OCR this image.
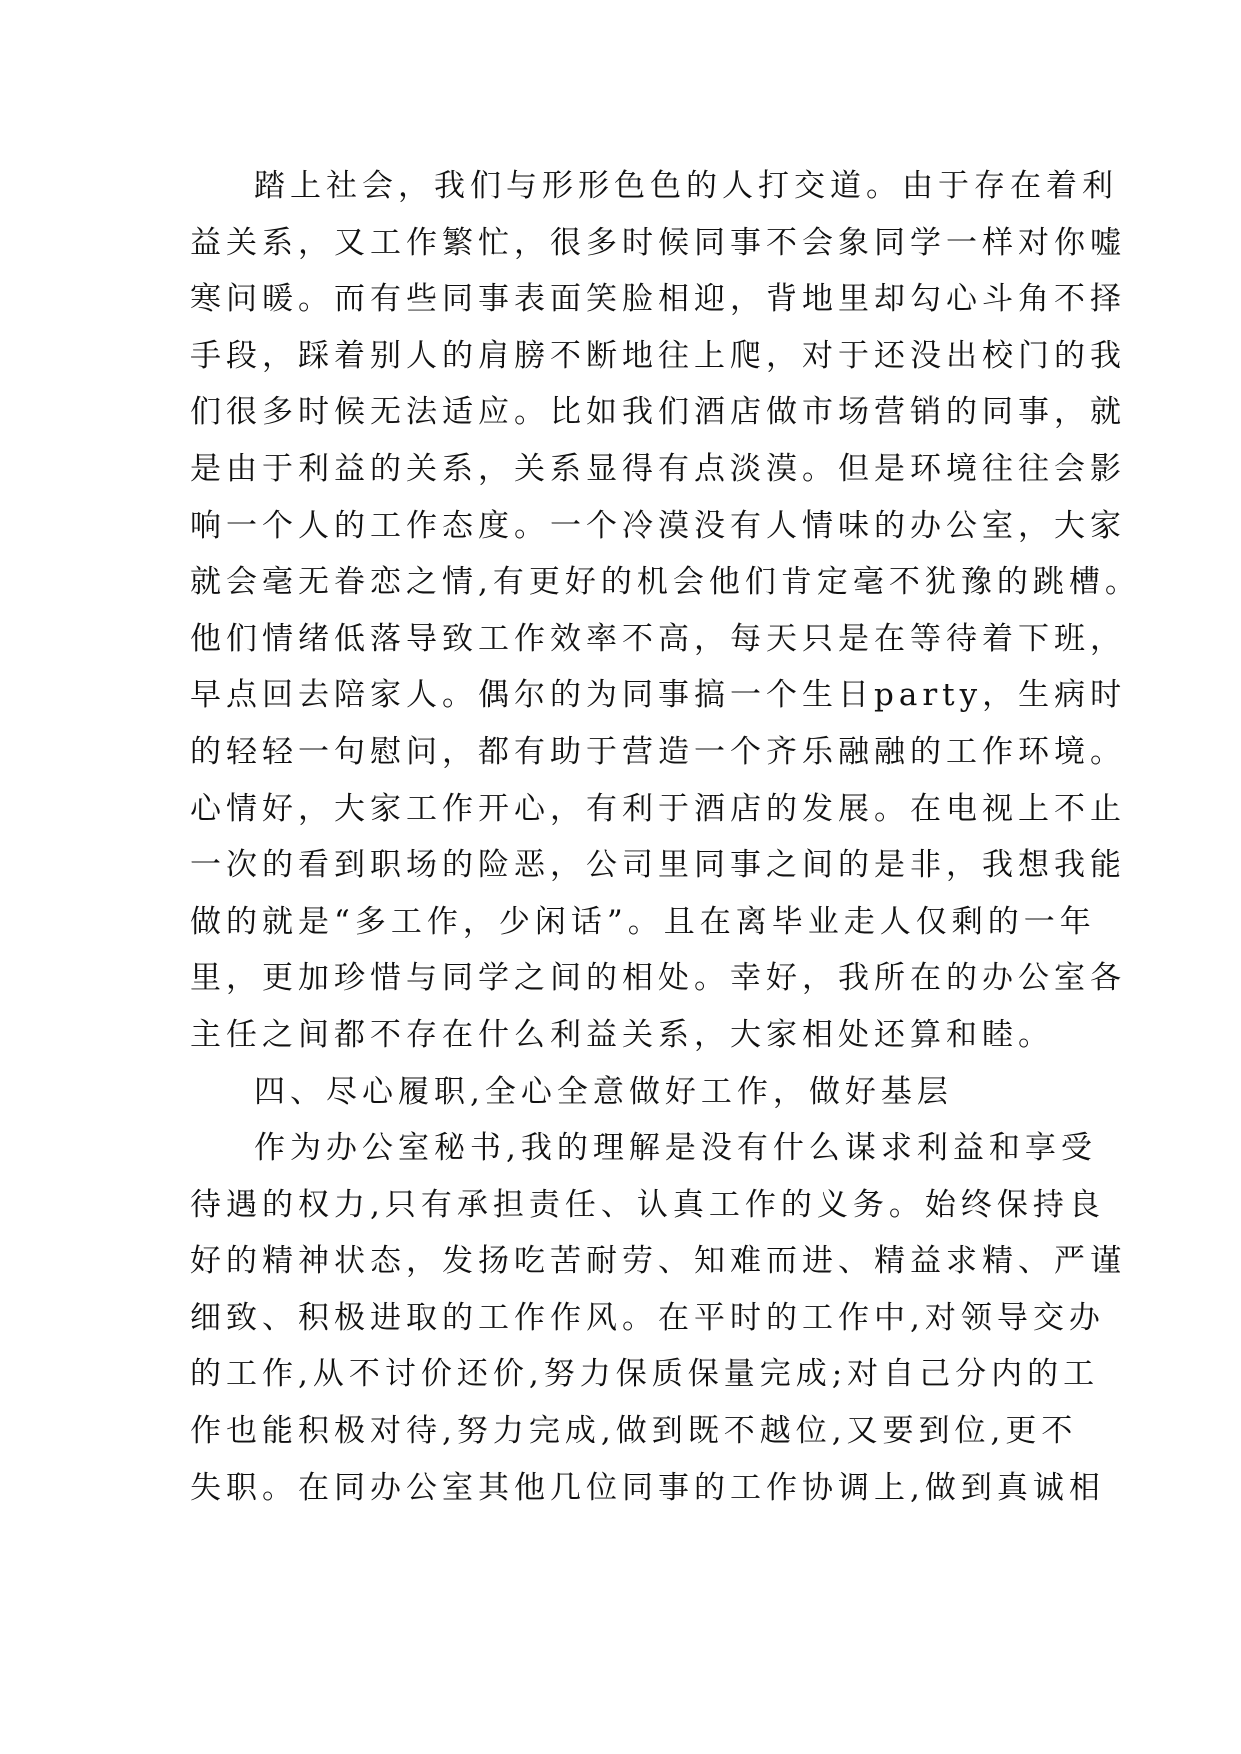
踏上社会，我们与形形色色的人打交道。由于存在着利
益关系，又工作繁忙，很多时候同事不会象同学一样对你嘘
寒问暖。而有些同事表面笑脸相迎，背地里却勾心斗角不择
手段，踩着别人的肩膀不断地往上爬，对于还没出校门的我
们很多时候无法适应。比如我们酒店做市场营销的同事，就
是由于利益的关系，关系显得有点淡漠。但是环境往往会影
响一个人的工作态度。一个冷漠没有人情味的办公室，大家
就会毫无眷恋之情,有更好的机会他们肯定毫不犹豫的跳槽。
他们情绪低落导致工作效率不高，每天只是在等待着下班，
早点回去陪家人。偶尔的为同事搞一个生日party，生病时
的轻轻一句慰问，都有助于营造一个齐乐融融的工作环境。
心情好，大家工作开心，有利于酒店的发展。在电视上不止
一次的看到职场的险恶，公司里同事之间的是非，我想我能
做的就是“多工作，少闲话”。且在离毕业走人仅剩的一年
里，更加珍惜与同学之间的相处。幸好，我所在的办公室各
主任之间都不存在什么利益关系，大家相处还算和睦。
四、尽心履职,全心全意做好工作，做好基层
作为办公室秘书,我的理解是没有什么谋求利益和享受
待遇的权力,只有承担责任、认真工作的义务。始终保持良
好的精神状态，发扬吃苦耐劳、知难而进、精益求精、严谨
细致、积极进取的工作作风。在平时的工作中,对领导交办
的工作,从不讨价还价,努力保质保量完成;对自己分内的工
作也能积极对待,努力完成,做到既不越位,又要到位,更不
失职。在同办公室其他几位同事的工作协调上,做到真诚相
